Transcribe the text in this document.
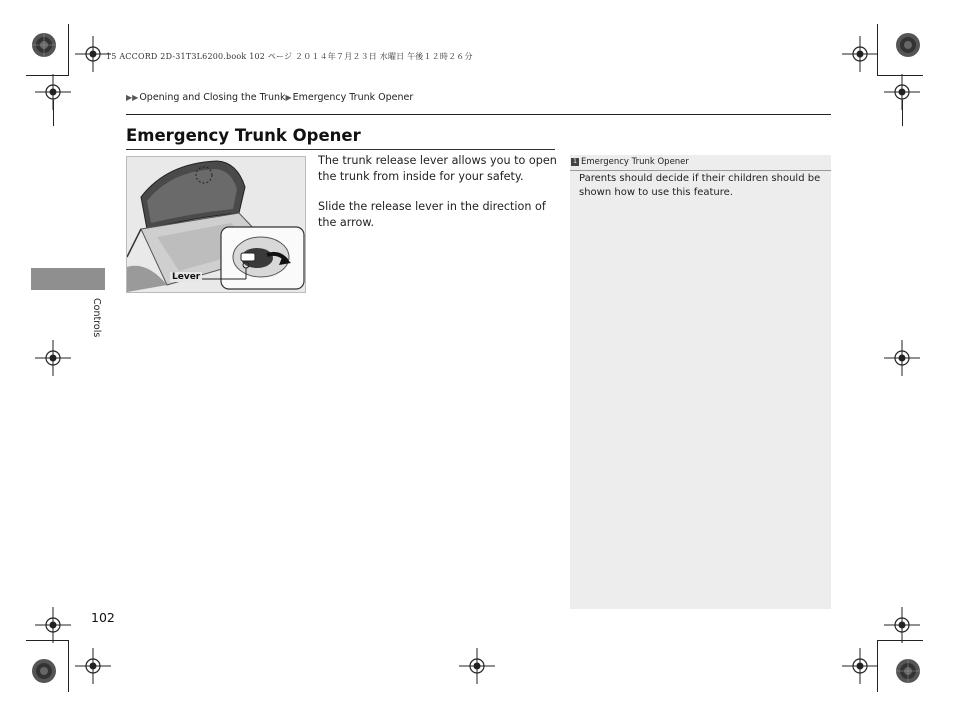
15 ACCORD 2D-31T3L6200.book 102 ページ ２０１４年７月２３日 水曜日 午後１２時２６分
▶▶ Opening and Closing the Trunk ▶ Emergency Trunk Opener
Emergency Trunk Opener
Lever
The trunk release lever allows you to open the trunk from inside for your safety.
Slide the release lever in the direction of the arrow.
Controls
1 Emergency Trunk Opener
Parents should decide if their children should be shown how to use this feature.
102
